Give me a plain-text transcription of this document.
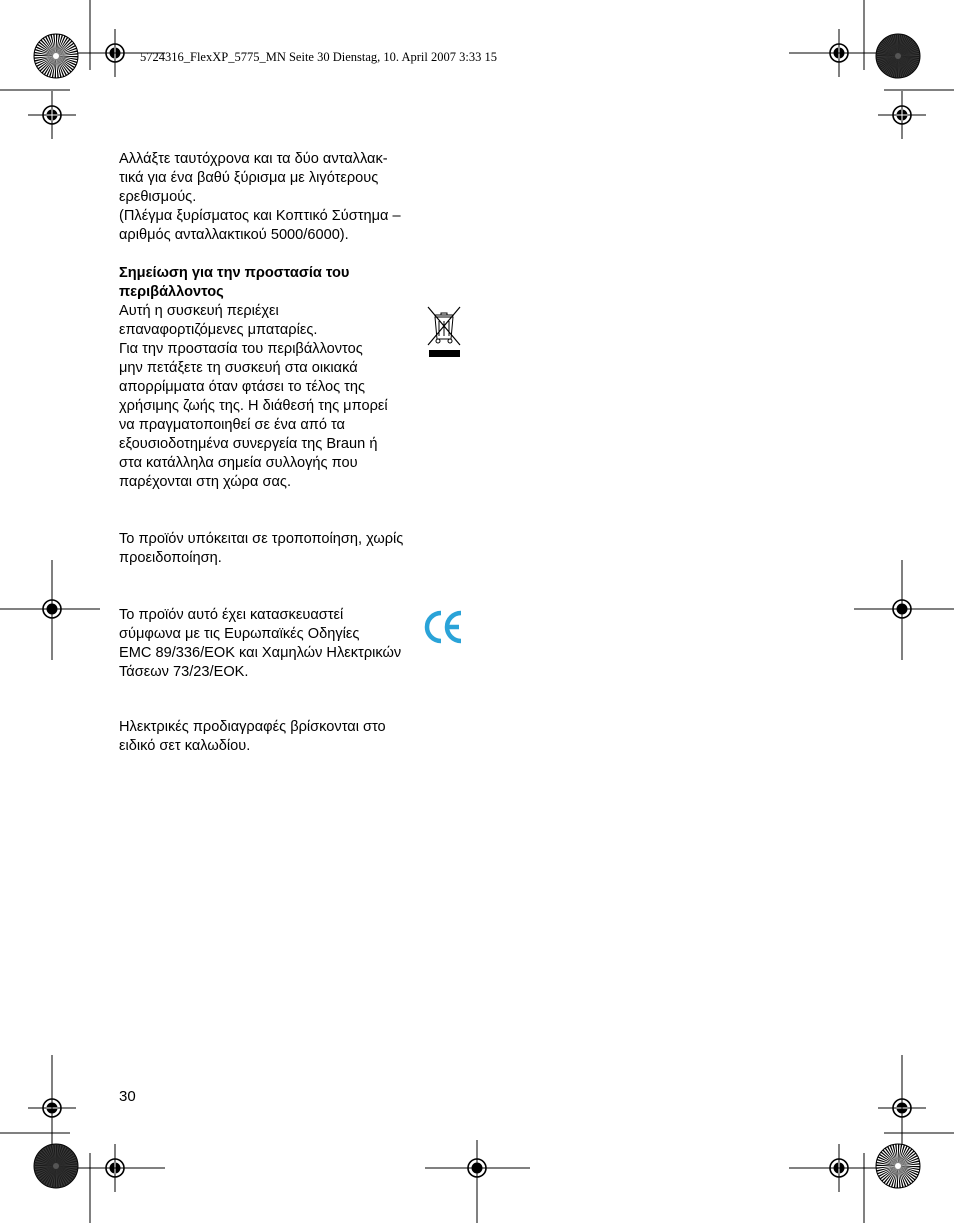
5724316_FlexXP_5775_MN Seite 30 Dienstag, 10. April 2007 3:33 15
Αλλάξτε ταυτόχρονα και τα δύο ανταλλακ-
τικά για ένα βαθύ ξύρισμα με λιγότερους
ερεθισμούς.
(Πλέγμα ξυρίσματος και Κοπτικό Σύστημα –
αριθμός ανταλλακτικού 5000/6000).
Σημείωση για την προστασία του
περιβάλλοντος
Αυτή η συσκευή περιέχει
επαναφορτιζόμενες μπαταρίες.
Για την προστασία του περιβάλλοντος
μην πετάξετε τη συσκευή στα οικιακά
απορρίμματα όταν φτάσει το τέλος της
χρήσιμης ζωής της. Η διάθεσή της μπορεί
να πραγματοποιηθεί σε ένα από τα
εξουσιοδοτημένα συνεργεία της Braun ή
στα κατάλληλα σημεία συλλογής που
παρέχονται στη χώρα σας.
Το προϊόν υπόκειται σε τροποποίηση, χωρίς
προειδοποίηση.
Το προϊόν αυτό έχει κατασκευαστεί
σύμφωνα με τις Ευρωπαϊκές Οδηγίες
EMC 89/336/EOK και Χαμηλών Ηλεκτρικών
Τάσεων 73/23/ΕΟΚ.
Ηλεκτρικές προδιαγραφές βρίσκονται στο
ειδικό σετ καλωδίου.
30
